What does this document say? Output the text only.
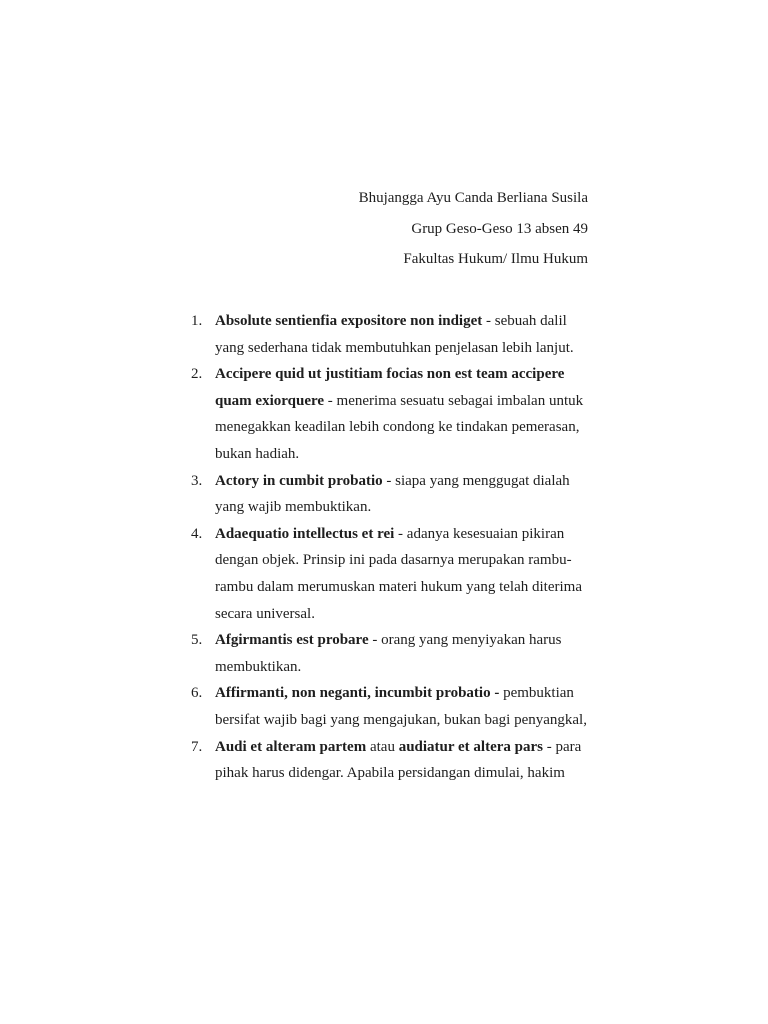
Bhujangga Ayu Canda Berliana Susila
Grup Geso-Geso 13 absen 49
Fakultas Hukum/ Ilmu Hukum
1. Absolute sentienfia expositore non indiget - sebuah dalil yang sederhana tidak membutuhkan penjelasan lebih lanjut.
2. Accipere quid ut justitiam focias non est team accipere quam exiorquere - menerima sesuatu sebagai imbalan untuk menegakkan keadilan lebih condong ke tindakan pemerasan, bukan hadiah.
3. Actory in cumbit probatio - siapa yang menggugat dialah yang wajib membuktikan.
4. Adaequatio intellectus et rei - adanya kesesuaian pikiran dengan objek. Prinsip ini pada dasarnya merupakan rambu-rambu dalam merumuskan materi hukum yang telah diterima secara universal.
5. Afgirmantis est probare - orang yang menyiyakan harus membuktikan.
6. Affirmanti, non neganti, incumbit probatio - pembuktian bersifat wajib bagi yang mengajukan, bukan bagi penyangkal,
7. Audi et alteram partem atau audiatur et altera pars - para pihak harus didengar. Apabila persidangan dimulai, hakim
